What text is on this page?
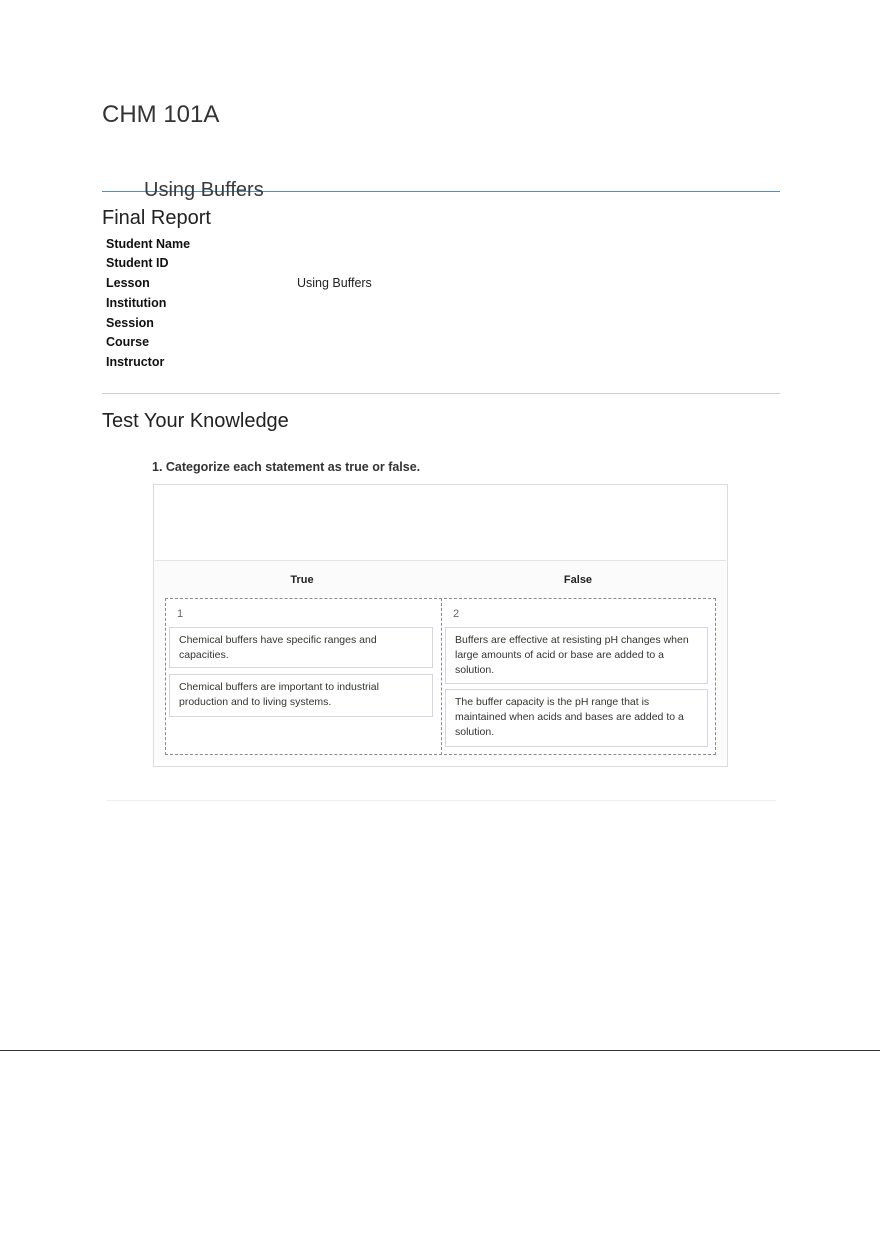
CHM 101A
Using Buffers
Final Report
Student Name
Student ID
Lesson	Using Buffers
Institution
Session
Course
Instructor
Test Your Knowledge
1. Categorize each statement as true or false.
True	False
1	2
Chemical buffers have specific ranges and capacities.
Chemical buffers are important to industrial production and to living systems.
Buffers are effective at resisting pH changes when large amounts of acid or base are added to a solution.
The buffer capacity is the pH range that is maintained when acids and bases are added to a solution.
